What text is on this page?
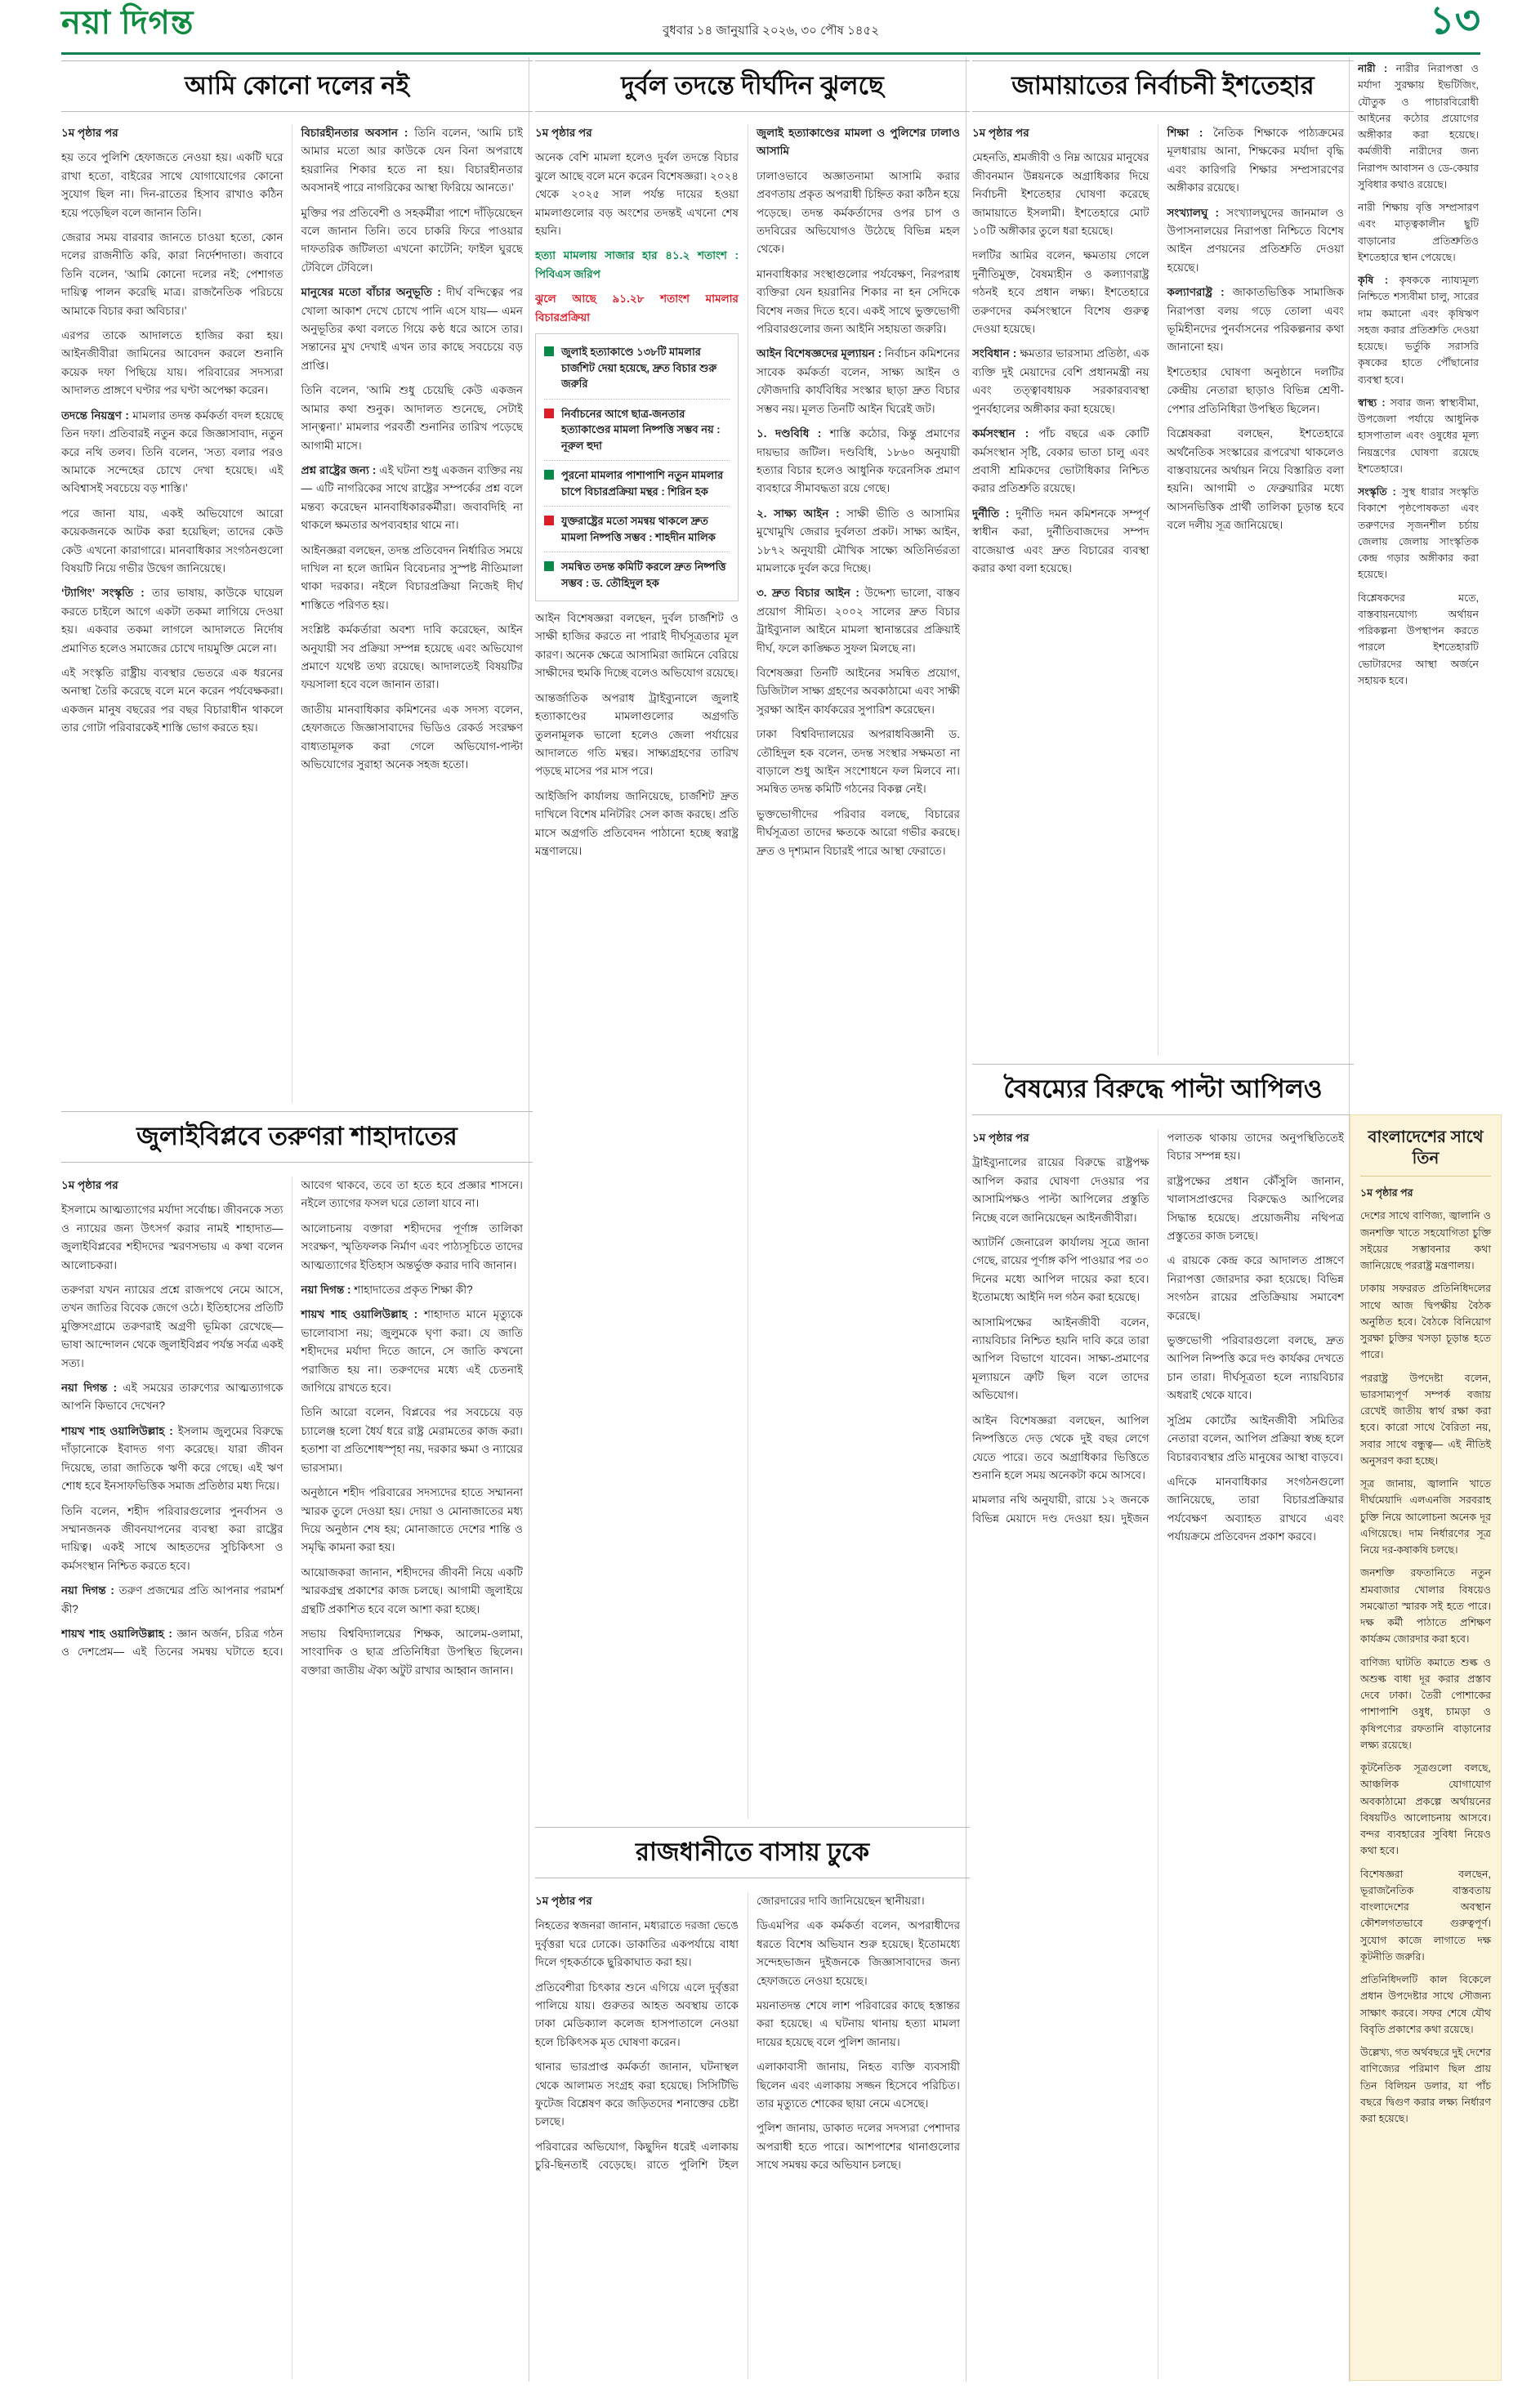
নয়া দিগন্ত	বুধবার ১৪ জানুয়ারি ২০২৬, ৩০ পৌষ ১৪৫২	১৩
আমি কোনো দলের নই

১ম পৃষ্ঠার পর

হয় তবে পুলিশি হেফাজতে নেওয়া হয়। একটি ঘরে রাখা হতো, বাইরের সাথে যোগাযোগের কোনো সুযোগ ছিল না। দিন-রাতের হিসাব রাখাও কঠিন হয়ে পড়েছিল বলে জানান তিনি।

জেরার সময় বারবার জানতে চাওয়া হতো, কোন দলের রাজনীতি করি, কারা নির্দেশদাতা। জবাবে তিনি বলেন, ‘আমি কোনো দলের নই; পেশাগত দায়িত্ব পালন করেছি মাত্র। রাজনৈতিক পরিচয়ে আমাকে বিচার করা অবিচার।’

এরপর তাকে আদালতে হাজির করা হয়। আইনজীবীরা জামিনের আবেদন করলে শুনানি কয়েক দফা পিছিয়ে যায়। পরিবারের সদস্যরা আদালত প্রাঙ্গণে ঘণ্টার পর ঘণ্টা অপেক্ষা করেন।

তদন্তে নিয়ন্ত্রণ : মামলার তদন্ত কর্মকর্তা বদল হয়েছে তিন দফা। প্রতিবারই নতুন করে জিজ্ঞাসাবাদ, নতুন করে নথি তলব। তিনি বলেন, ‘সত্য বলার পরও আমাকে সন্দেহের চোখে দেখা হয়েছে। এই অবিশ্বাসই সবচেয়ে বড় শাস্তি।’

পরে জানা যায়, একই অভিযোগে আরো কয়েকজনকে আটক করা হয়েছিল; তাদের কেউ কেউ এখনো কারাগারে। মানবাধিকার সংগঠনগুলো বিষয়টি নিয়ে গভীর উদ্বেগ জানিয়েছে।

‘ট্যাগিং’ সংস্কৃতি : তার ভাষায়, কাউকে ঘায়েল করতে চাইলে আগে একটা তকমা লাগিয়ে দেওয়া হয়। একবার তকমা লাগলে আদালতে নির্দোষ প্রমাণিত হলেও সমাজের চোখে দায়মুক্তি মেলে না।

এই সংস্কৃতি রাষ্ট্রীয় ব্যবস্থার ভেতরে এক ধরনের অনাস্থা তৈরি করেছে বলে মনে করেন পর্যবেক্ষকরা। একজন মানুষ বছরের পর বছর বিচারাধীন থাকলে তার গোটা পরিবারকেই শাস্তি ভোগ করতে হয়।

বিচারহীনতার অবসান : তিনি বলেন, ‘আমি চাই আমার মতো আর কাউকে যেন বিনা অপরাধে হয়রানির শিকার হতে না হয়। বিচারহীনতার অবসানই পারে নাগরিকের আস্থা ফিরিয়ে আনতে।’

মুক্তির পর প্রতিবেশী ও সহকর্মীরা পাশে দাঁড়িয়েছেন বলে জানান তিনি। তবে চাকরি ফিরে পাওয়ার দাফতরিক জটিলতা এখনো কাটেনি; ফাইল ঘুরছে টেবিলে টেবিলে।

মানুষের মতো বাঁচার অনুভূতি : দীর্ঘ বন্দিত্বের পর খোলা আকাশ দেখে চোখে পানি এসে যায়— এমন অনুভূতির কথা বলতে গিয়ে কণ্ঠ ধরে আসে তার। সন্তানের মুখ দেখাই এখন তার কাছে সবচেয়ে বড় প্রাপ্তি।

তিনি বলেন, ‘আমি শুধু চেয়েছি কেউ একজন আমার কথা শুনুক। আদালত শুনেছে, সেটাই সান্ত্বনা।’ মামলার পরবর্তী শুনানির তারিখ পড়েছে আগামী মাসে।

প্রশ্ন রাষ্ট্রের জন্য : এই ঘটনা শুধু একজন ব্যক্তির নয়— এটি নাগরিকের সাথে রাষ্ট্রের সম্পর্কের প্রশ্ন বলে মন্তব্য করেছেন মানবাধিকারকর্মীরা। জবাবদিহি না থাকলে ক্ষমতার অপব্যবহার থামে না।

আইনজ্ঞরা বলছেন, তদন্ত প্রতিবেদন নির্ধারিত সময়ে দাখিল না হলে জামিন বিবেচনার সুস্পষ্ট নীতিমালা থাকা দরকার। নইলে বিচারপ্রক্রিয়া নিজেই দীর্ঘ শাস্তিতে পরিণত হয়।

সংশ্লিষ্ট কর্মকর্তারা অবশ্য দাবি করেছেন, আইন অনুযায়ী সব প্রক্রিয়া সম্পন্ন হয়েছে এবং অভিযোগ প্রমাণে যথেষ্ট তথ্য রয়েছে। আদালতেই বিষয়টির ফয়সালা হবে বলে জানান তারা।

জাতীয় মানবাধিকার কমিশনের এক সদস্য বলেন, হেফাজতে জিজ্ঞাসাবাদের ভিডিও রেকর্ড সংরক্ষণ বাধ্যতামূলক করা গেলে অভিযোগ-পাল্টা অভিযোগের সুরাহা অনেক সহজ হতো।

জুলাইবিপ্লবে তরুণরা শাহাদাতের

১ম পৃষ্ঠার পর

ইসলামে আত্মত্যাগের মর্যাদা সর্বোচ্চ। জীবনকে সত্য ও ন্যায়ের জন্য উৎসর্গ করার নামই শাহাদাত— জুলাইবিপ্লবের শহীদদের স্মরণসভায় এ কথা বলেন আলোচকরা।

তরুণরা যখন ন্যায়ের প্রশ্নে রাজপথে নেমে আসে, তখন জাতির বিবেক জেগে ওঠে। ইতিহাসের প্রতিটি মুক্তিসংগ্রামে তরুণরাই অগ্রণী ভূমিকা রেখেছে— ভাষা আন্দোলন থেকে জুলাইবিপ্লব পর্যন্ত সর্বত্র একই সত্য।

নয়া দিগন্ত : এই সময়ের তারুণ্যের আত্মত্যাগকে আপনি কিভাবে দেখেন?

শায়খ শাহ ওয়ালিউল্লাহ : ইসলাম জুলুমের বিরুদ্ধে দাঁড়ানোকে ইবাদত গণ্য করেছে। যারা জীবন দিয়েছে, তারা জাতিকে ঋণী করে গেছে। এই ঋণ শোধ হবে ইনসাফভিত্তিক সমাজ প্রতিষ্ঠার মধ্য দিয়ে।

তিনি বলেন, শহীদ পরিবারগুলোর পুনর্বাসন ও সম্মানজনক জীবনযাপনের ব্যবস্থা করা রাষ্ট্রের দায়িত্ব। একই সাথে আহতদের সুচিকিৎসা ও কর্মসংস্থান নিশ্চিত করতে হবে।

নয়া দিগন্ত : তরুণ প্রজন্মের প্রতি আপনার পরামর্শ কী?

শায়খ শাহ ওয়ালিউল্লাহ : জ্ঞান অর্জন, চরিত্র গঠন ও দেশপ্রেম— এই তিনের সমন্বয় ঘটাতে হবে। আবেগ থাকবে, তবে তা হতে হবে প্রজ্ঞার শাসনে। নইলে ত্যাগের ফসল ঘরে তোলা যাবে না।

আলোচনায় বক্তারা শহীদদের পূর্ণাঙ্গ তালিকা সংরক্ষণ, স্মৃতিফলক নির্মাণ এবং পাঠ্যসূচিতে তাদের আত্মত্যাগের ইতিহাস অন্তর্ভুক্ত করার দাবি জানান।

নয়া দিগন্ত : শাহাদাতের প্রকৃত শিক্ষা কী?

শায়খ শাহ ওয়ালিউল্লাহ : শাহাদাত মানে মৃত্যুকে ভালোবাসা নয়; জুলুমকে ঘৃণা করা। যে জাতি শহীদদের মর্যাদা দিতে জানে, সে জাতি কখনো পরাজিত হয় না। তরুণদের মধ্যে এই চেতনাই জাগিয়ে রাখতে হবে।

তিনি আরো বলেন, বিপ্লবের পর সবচেয়ে বড় চ্যালেঞ্জ হলো ধৈর্য ধরে রাষ্ট্র মেরামতের কাজ করা। হতাশা বা প্রতিশোধস্পৃহা নয়, দরকার ক্ষমা ও ন্যায়ের ভারসাম্য।

অনুষ্ঠানে শহীদ পরিবারের সদস্যদের হাতে সম্মাননা স্মারক তুলে দেওয়া হয়। দোয়া ও মোনাজাতের মধ্য দিয়ে অনুষ্ঠান শেষ হয়; মোনাজাতে দেশের শান্তি ও সমৃদ্ধি কামনা করা হয়।

আয়োজকরা জানান, শহীদদের জীবনী নিয়ে একটি স্মারকগ্রন্থ প্রকাশের কাজ চলছে। আগামী জুলাইয়ে গ্রন্থটি প্রকাশিত হবে বলে আশা করা হচ্ছে।

সভায় বিশ্ববিদ্যালয়ের শিক্ষক, আলেম-ওলামা, সাংবাদিক ও ছাত্র প্রতিনিধিরা উপস্থিত ছিলেন। বক্তারা জাতীয় ঐক্য অটুট রাখার আহ্বান জানান।

দুর্বল তদন্তে দীর্ঘদিন ঝুলছে

১ম পৃষ্ঠার পর

অনেক বেশি মামলা হলেও দুর্বল তদন্তে বিচার ঝুলে আছে বলে মনে করেন বিশেষজ্ঞরা। ২০২৪ থেকে ২০২৫ সাল পর্যন্ত দায়ের হওয়া মামলাগুলোর বড় অংশের তদন্তই এখনো শেষ হয়নি।

হত্যা মামলায় সাজার হার ৪১.২ শতাংশ : পিবিএস জরিপ

ঝুলে আছে ৯১.২৮ শতাংশ মামলার বিচারপ্রক্রিয়া

জুলাই হত্যাকাণ্ডে ১৩৮টি মামলার চার্জশিট দেয়া হয়েছে, দ্রুত বিচার শুরু জরুরি
নির্বাচনের আগে ছাত্র-জনতার হত্যাকাণ্ডের মামলা নিষ্পত্তি সম্ভব নয় : নূরুল হুদা
পুরনো মামলার পাশাপাশি নতুন মামলার চাপে বিচারপ্রক্রিয়া মন্থর : শিরিন হক
যুক্তরাষ্ট্রের মতো সমন্বয় থাকলে দ্রুত মামলা নিষ্পত্তি সম্ভব : শাহদীন মালিক
সমন্বিত তদন্ত কমিটি করলে দ্রুত নিষ্পত্তি সম্ভব : ড. তৌহিদুল হক

আইন বিশেষজ্ঞরা বলছেন, দুর্বল চার্জশিট ও সাক্ষী হাজির করতে না পারাই দীর্ঘসূত্রতার মূল কারণ। অনেক ক্ষেত্রে আসামিরা জামিনে বেরিয়ে সাক্ষীদের হুমকি দিচ্ছে বলেও অভিযোগ রয়েছে।

আন্তর্জাতিক অপরাধ ট্রাইব্যুনালে জুলাই হত্যাকাণ্ডের মামলাগুলোর অগ্রগতি তুলনামূলক ভালো হলেও জেলা পর্যায়ের আদালতে গতি মন্থর। সাক্ষ্যগ্রহণের তারিখ পড়ছে মাসের পর মাস পরে।

আইজিপি কার্যালয় জানিয়েছে, চার্জশিট দ্রুত দাখিলে বিশেষ মনিটরিং সেল কাজ করছে। প্রতি মাসে অগ্রগতি প্রতিবেদন পাঠানো হচ্ছে স্বরাষ্ট্র মন্ত্রণালয়ে।

জুলাই হত্যাকাণ্ডের মামলা ও পুলিশের ঢালাও আসামি

ঢালাওভাবে অজ্ঞাতনামা আসামি করার প্রবণতায় প্রকৃত অপরাধী চিহ্নিত করা কঠিন হয়ে পড়েছে। তদন্ত কর্মকর্তাদের ওপর চাপ ও তদবিরের অভিযোগও উঠেছে বিভিন্ন মহল থেকে।

মানবাধিকার সংস্থাগুলোর পর্যবেক্ষণ, নিরপরাধ ব্যক্তিরা যেন হয়রানির শিকার না হন সেদিকে বিশেষ নজর দিতে হবে। একই সাথে ভুক্তভোগী পরিবারগুলোর জন্য আইনি সহায়তা জরুরি।

আইন বিশেষজ্ঞদের মূল্যায়ন : নির্বাচন কমিশনের সাবেক কর্মকর্তা বলেন, সাক্ষ্য আইন ও ফৌজদারি কার্যবিধির সংস্কার ছাড়া দ্রুত বিচার সম্ভব নয়। মূলত তিনটি আইন ঘিরেই জট।

১. দণ্ডবিধি : শাস্তি কঠোর, কিন্তু প্রমাণের দায়ভার জটিল। দণ্ডবিধি, ১৮৬০ অনুযায়ী হত্যার বিচার হলেও আধুনিক ফরেনসিক প্রমাণ ব্যবহারে সীমাবদ্ধতা রয়ে গেছে।

২. সাক্ষ্য আইন : সাক্ষী ভীতি ও আসামির মুখোমুখি জেরার দুর্বলতা প্রকট। সাক্ষ্য আইন, ১৮৭২ অনুযায়ী মৌখিক সাক্ষ্যে অতিনির্ভরতা মামলাকে দুর্বল করে দিচ্ছে।

৩. দ্রুত বিচার আইন : উদ্দেশ্য ভালো, বাস্তব প্রয়োগ সীমিত। ২০০২ সালের দ্রুত বিচার ট্রাইব্যুনাল আইনে মামলা স্থানান্তরের প্রক্রিয়াই দীর্ঘ, ফলে কাঙ্ক্ষিত সুফল মিলছে না।

বিশেষজ্ঞরা তিনটি আইনের সমন্বিত প্রয়োগ, ডিজিটাল সাক্ষ্য গ্রহণের অবকাঠামো এবং সাক্ষী সুরক্ষা আইন কার্যকরের সুপারিশ করেছেন।

ঢাকা বিশ্ববিদ্যালয়ের অপরাধবিজ্ঞানী ড. তৌহিদুল হক বলেন, তদন্ত সংস্থার সক্ষমতা না বাড়ালে শুধু আইন সংশোধনে ফল মিলবে না। সমন্বিত তদন্ত কমিটি গঠনের বিকল্প নেই।

ভুক্তভোগীদের পরিবার বলছে, বিচারের দীর্ঘসূত্রতা তাদের ক্ষতকে আরো গভীর করছে। দ্রুত ও দৃশ্যমান বিচারই পারে আস্থা ফেরাতে।

রাজধানীতে বাসায় ঢুকে

১ম পৃষ্ঠার পর

নিহতের স্বজনরা জানান, মধ্যরাতে দরজা ভেঙে দুর্বৃত্তরা ঘরে ঢোকে। ডাকাতির একপর্যায়ে বাধা দিলে গৃহকর্তাকে ছুরিকাঘাত করা হয়।

প্রতিবেশীরা চিৎকার শুনে এগিয়ে এলে দুর্বৃত্তরা পালিয়ে যায়। গুরুতর আহত অবস্থায় তাকে ঢাকা মেডিক্যাল কলেজ হাসপাতালে নেওয়া হলে চিকিৎসক মৃত ঘোষণা করেন।

থানার ভারপ্রাপ্ত কর্মকর্তা জানান, ঘটনাস্থল থেকে আলামত সংগ্রহ করা হয়েছে। সিসিটিভি ফুটেজ বিশ্লেষণ করে জড়িতদের শনাক্তের চেষ্টা চলছে।

পরিবারের অভিযোগ, কিছুদিন ধরেই এলাকায় চুরি-ছিনতাই বেড়েছে। রাতে পুলিশি টহল জোরদারের দাবি জানিয়েছেন স্থানীয়রা।

ডিএমপির এক কর্মকর্তা বলেন, অপরাধীদের ধরতে বিশেষ অভিযান শুরু হয়েছে। ইতোমধ্যে সন্দেহভাজন দুইজনকে জিজ্ঞাসাবাদের জন্য হেফাজতে নেওয়া হয়েছে।

ময়নাতদন্ত শেষে লাশ পরিবারের কাছে হস্তান্তর করা হয়েছে। এ ঘটনায় থানায় হত্যা মামলা দায়ের হয়েছে বলে পুলিশ জানায়।

এলাকাবাসী জানায়, নিহত ব্যক্তি ব্যবসায়ী ছিলেন এবং এলাকায় সজ্জন হিসেবে পরিচিত। তার মৃত্যুতে শোকের ছায়া নেমে এসেছে।

পুলিশ জানায়, ডাকাত দলের সদস্যরা পেশাদার অপরাধী হতে পারে। আশপাশের থানাগুলোর সাথে সমন্বয় করে অভিযান চলছে।

জামায়াতের নির্বাচনী ইশতেহার

১ম পৃষ্ঠার পর

মেহনতি, শ্রমজীবী ও নিম্ন আয়ের মানুষের জীবনমান উন্নয়নকে অগ্রাধিকার দিয়ে নির্বাচনী ইশতেহার ঘোষণা করেছে জামায়াতে ইসলামী। ইশতেহারে মোট ১০টি অঙ্গীকার তুলে ধরা হয়েছে।

দলটির আমির বলেন, ক্ষমতায় গেলে দুর্নীতিমুক্ত, বৈষম্যহীন ও কল্যাণরাষ্ট্র গঠনই হবে প্রধান লক্ষ্য। ইশতেহারে তরুণদের কর্মসংস্থানে বিশেষ গুরুত্ব দেওয়া হয়েছে।

সংবিধান : ক্ষমতার ভারসাম্য প্রতিষ্ঠা, এক ব্যক্তি দুই মেয়াদের বেশি প্রধানমন্ত্রী নয় এবং তত্ত্বাবধায়ক সরকারব্যবস্থা পুনর্বহালের অঙ্গীকার করা হয়েছে।

কর্মসংস্থান : পাঁচ বছরে এক কোটি কর্মসংস্থান সৃষ্টি, বেকার ভাতা চালু এবং প্রবাসী শ্রমিকদের ভোটাধিকার নিশ্চিত করার প্রতিশ্রুতি রয়েছে।

দুর্নীতি : দুর্নীতি দমন কমিশনকে সম্পূর্ণ স্বাধীন করা, দুর্নীতিবাজদের সম্পদ বাজেয়াপ্ত এবং দ্রুত বিচারের ব্যবস্থা করার কথা বলা হয়েছে।

শিক্ষা : নৈতিক শিক্ষাকে পাঠ্যক্রমের মূলধারায় আনা, শিক্ষকের মর্যাদা বৃদ্ধি এবং কারিগরি শিক্ষার সম্প্রসারণের অঙ্গীকার রয়েছে।

সংখ্যালঘু : সংখ্যালঘুদের জানমাল ও উপাসনালয়ের নিরাপত্তা নিশ্চিতে বিশেষ আইন প্রণয়নের প্রতিশ্রুতি দেওয়া হয়েছে।

কল্যাণরাষ্ট্র : জাকাতভিত্তিক সামাজিক নিরাপত্তা বলয় গড়ে তোলা এবং ভূমিহীনদের পুনর্বাসনের পরিকল্পনার কথা জানানো হয়।

ইশতেহার ঘোষণা অনুষ্ঠানে দলটির কেন্দ্রীয় নেতারা ছাড়াও বিভিন্ন শ্রেণী-পেশার প্রতিনিধিরা উপস্থিত ছিলেন।

বিশ্লেষকরা বলছেন, ইশতেহারে অর্থনৈতিক সংস্কারের রূপরেখা থাকলেও বাস্তবায়নের অর্থায়ন নিয়ে বিস্তারিত বলা হয়নি। আগামী ৩ ফেব্রুয়ারির মধ্যে আসনভিত্তিক প্রার্থী তালিকা চূড়ান্ত হবে বলে দলীয় সূত্র জানিয়েছে।

নারী : নারীর নিরাপত্তা ও মর্যাদা সুরক্ষায় ইভটিজিং, যৌতুক ও পাচারবিরোধী আইনের কঠোর প্রয়োগের অঙ্গীকার করা হয়েছে। কর্মজীবী নারীদের জন্য নিরাপদ আবাসন ও ডে-কেয়ার সুবিধার কথাও রয়েছে।

নারী শিক্ষায় বৃত্তি সম্প্রসারণ এবং মাতৃত্বকালীন ছুটি বাড়ানোর প্রতিশ্রুতিও ইশতেহারে স্থান পেয়েছে।

কৃষি : কৃষককে ন্যায্যমূল্য নিশ্চিতে শস্যবীমা চালু, সারের দাম কমানো এবং কৃষিঋণ সহজ করার প্রতিশ্রুতি দেওয়া হয়েছে। ভর্তুকি সরাসরি কৃষকের হাতে পৌঁছানোর ব্যবস্থা হবে।

স্বাস্থ্য : সবার জন্য স্বাস্থ্যবীমা, উপজেলা পর্যায়ে আধুনিক হাসপাতাল এবং ওষুধের মূল্য নিয়ন্ত্রণের ঘোষণা রয়েছে ইশতেহারে।

সংস্কৃতি : সুস্থ ধারার সংস্কৃতি বিকাশে পৃষ্ঠপোষকতা এবং তরুণদের সৃজনশীল চর্চায় জেলায় জেলায় সাংস্কৃতিক কেন্দ্র গড়ার অঙ্গীকার করা হয়েছে।

বিশ্লেষকদের মতে, বাস্তবায়নযোগ্য অর্থায়ন পরিকল্পনা উপস্থাপন করতে পারলে ইশতেহারটি ভোটারদের আস্থা অর্জনে সহায়ক হবে।

বৈষম্যের বিরুদ্ধে পাল্টা আপিলও

১ম পৃষ্ঠার পর

ট্রাইব্যুনালের রায়ের বিরুদ্ধে রাষ্ট্রপক্ষ আপিল করার ঘোষণা দেওয়ার পর আসামিপক্ষও পাল্টা আপিলের প্রস্তুতি নিচ্ছে বলে জানিয়েছেন আইনজীবীরা।

অ্যাটর্নি জেনারেল কার্যালয় সূত্রে জানা গেছে, রায়ের পূর্ণাঙ্গ কপি পাওয়ার পর ৩০ দিনের মধ্যে আপিল দায়ের করা হবে। ইতোমধ্যে আইনি দল গঠন করা হয়েছে।

আসামিপক্ষের আইনজীবী বলেন, ন্যায়বিচার নিশ্চিত হয়নি দাবি করে তারা আপিল বিভাগে যাবেন। সাক্ষ্য-প্রমাণের মূল্যায়নে ত্রুটি ছিল বলে তাদের অভিযোগ।

আইন বিশেষজ্ঞরা বলছেন, আপিল নিষ্পত্তিতে দেড় থেকে দুই বছর লেগে যেতে পারে। তবে অগ্রাধিকার ভিত্তিতে শুনানি হলে সময় অনেকটা কমে আসবে।

মামলার নথি অনুযায়ী, রায়ে ১২ জনকে বিভিন্ন মেয়াদে দণ্ড দেওয়া হয়। দুইজন পলাতক থাকায় তাদের অনুপস্থিতিতেই বিচার সম্পন্ন হয়।

রাষ্ট্রপক্ষের প্রধান কৌঁসুলি জানান, খালাসপ্রাপ্তদের বিরুদ্ধেও আপিলের সিদ্ধান্ত হয়েছে। প্রয়োজনীয় নথিপত্র প্রস্তুতের কাজ চলছে।

এ রায়কে কেন্দ্র করে আদালত প্রাঙ্গণে নিরাপত্তা জোরদার করা হয়েছে। বিভিন্ন সংগঠন রায়ের প্রতিক্রিয়ায় সমাবেশ করেছে।

ভুক্তভোগী পরিবারগুলো বলছে, দ্রুত আপিল নিষ্পত্তি করে দণ্ড কার্যকর দেখতে চান তারা। দীর্ঘসূত্রতা হলে ন্যায়বিচার অধরাই থেকে যাবে।

সুপ্রিম কোর্টের আইনজীবী সমিতির নেতারা বলেন, আপিল প্রক্রিয়া স্বচ্ছ হলে বিচারব্যবস্থার প্রতি মানুষের আস্থা বাড়বে।

এদিকে মানবাধিকার সংগঠনগুলো জানিয়েছে, তারা বিচারপ্রক্রিয়ার পর্যবেক্ষণ অব্যাহত রাখবে এবং পর্যায়ক্রমে প্রতিবেদন প্রকাশ করবে।

বাংলাদেশের সাথে তিন

১ম পৃষ্ঠার পর

দেশের সাথে বাণিজ্য, জ্বালানি ও জনশক্তি খাতে সহযোগিতা চুক্তি সইয়ের সম্ভাবনার কথা জানিয়েছে পররাষ্ট্র মন্ত্রণালয়।

ঢাকায় সফররত প্রতিনিধিদলের সাথে আজ দ্বিপক্ষীয় বৈঠক অনুষ্ঠিত হবে। বৈঠকে বিনিয়োগ সুরক্ষা চুক্তির খসড়া চূড়ান্ত হতে পারে।

পররাষ্ট্র উপদেষ্টা বলেন, ভারসাম্যপূর্ণ সম্পর্ক বজায় রেখেই জাতীয় স্বার্থ রক্ষা করা হবে। কারো সাথে বৈরিতা নয়, সবার সাথে বন্ধুত্ব— এই নীতিই অনুসরণ করা হচ্ছে।

সূত্র জানায়, জ্বালানি খাতে দীর্ঘমেয়াদি এলএনজি সরবরাহ চুক্তি নিয়ে আলোচনা অনেক দূর এগিয়েছে। দাম নির্ধারণের সূত্র নিয়ে দর-কষাকষি চলছে।

জনশক্তি রফতানিতে নতুন শ্রমবাজার খোলার বিষয়েও সমঝোতা স্মারক সই হতে পারে। দক্ষ কর্মী পাঠাতে প্রশিক্ষণ কার্যক্রম জোরদার করা হবে।

বাণিজ্য ঘাটতি কমাতে শুল্ক ও অশুল্ক বাধা দূর করার প্রস্তাব দেবে ঢাকা। তৈরী পোশাকের পাশাপাশি ওষুধ, চামড়া ও কৃষিপণ্যের রফতানি বাড়ানোর লক্ষ্য রয়েছে।

কূটনৈতিক সূত্রগুলো বলছে, আঞ্চলিক যোগাযোগ অবকাঠামো প্রকল্পে অর্থায়নের বিষয়টিও আলোচনায় আসবে। বন্দর ব্যবহারের সুবিধা নিয়েও কথা হবে।

বিশেষজ্ঞরা বলছেন, ভূরাজনৈতিক বাস্তবতায় বাংলাদেশের অবস্থান কৌশলগতভাবে গুরুত্বপূর্ণ। সুযোগ কাজে লাগাতে দক্ষ কূটনীতি জরুরি।

প্রতিনিধিদলটি কাল বিকেলে প্রধান উপদেষ্টার সাথে সৌজন্য সাক্ষাৎ করবে। সফর শেষে যৌথ বিবৃতি প্রকাশের কথা রয়েছে।

উল্লেখ্য, গত অর্থবছরে দুই দেশের বাণিজ্যের পরিমাণ ছিল প্রায় তিন বিলিয়ন ডলার, যা পাঁচ বছরে দ্বিগুণ করার লক্ষ্য নির্ধারণ করা হয়েছে।
